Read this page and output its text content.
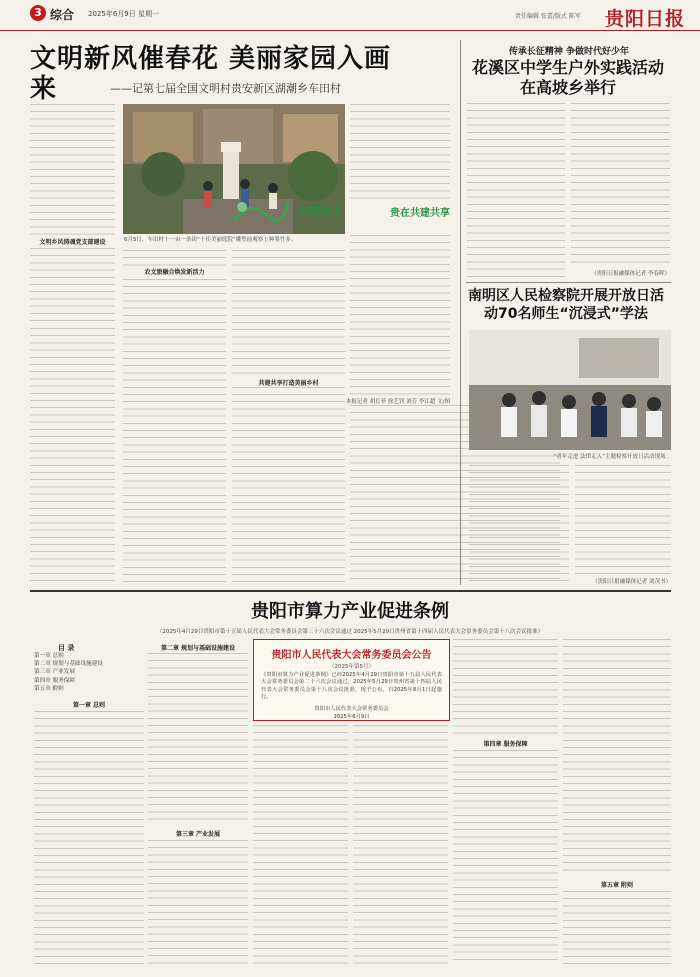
3 综合 2025年6月9日 星期一	责任编辑 张蕾/版式 陈军 贵阳日报
文明新风催春花 美丽家园入画来	——记第七届全国文明村贵安新区湖潮乡车田村
文明乡风铸魂党支部建设	6月5日，车田村十一亩一条街“十佳美丽庭院”雕塑前观察上种墨竹多。
农文旅融合焕发新活力
共建共享打造美丽乡村
本报记者 胡长菲 徐艺钊 刘芳 李江超 文/图
文明城市	贵在共建共享
传承长征精神 争做时代好少年
花溪区中学生户外实践活动在高坡乡举行
（贵阳日报融媒体记者 李春晖）
南明区人民检察院开展开放日活动70名师生“沉浸式”学法
“青年走进 法律走入”主题检察开放日活动现场。
（贵阳日报融媒体记者 刘茂书）
贵阳市算力产业促进条例
（2025年4月29日贵阳市第十五届人民代表大会常务委员会第二十六次会议通过 2025年5月29日贵州省第十四届人民代表大会常务委员会第十八次会议批准）
目 录
第一章 总则
第二章 规划与基础设施建设
第三章 产业发展
第四章 服务保障
第五章 附则
第一章 总则
第二章 规划与基础设施建设
第三章 产业发展
贵阳市人民代表大会常务委员会公告
（2025年第5号）
《贵阳市算力产业促进条例》已经2025年4月29日贵阳市第十五届人民代表大会常务委员会第二十六次会议通过，2025年5月29日贵州省第十四届人民代表大会常务委员会第十八次会议批准，现予公布，自2025年8月1日起施行。
贵阳市人民代表大会常务委员会
2025年6月9日
第四章 服务保障
第五章 附则
